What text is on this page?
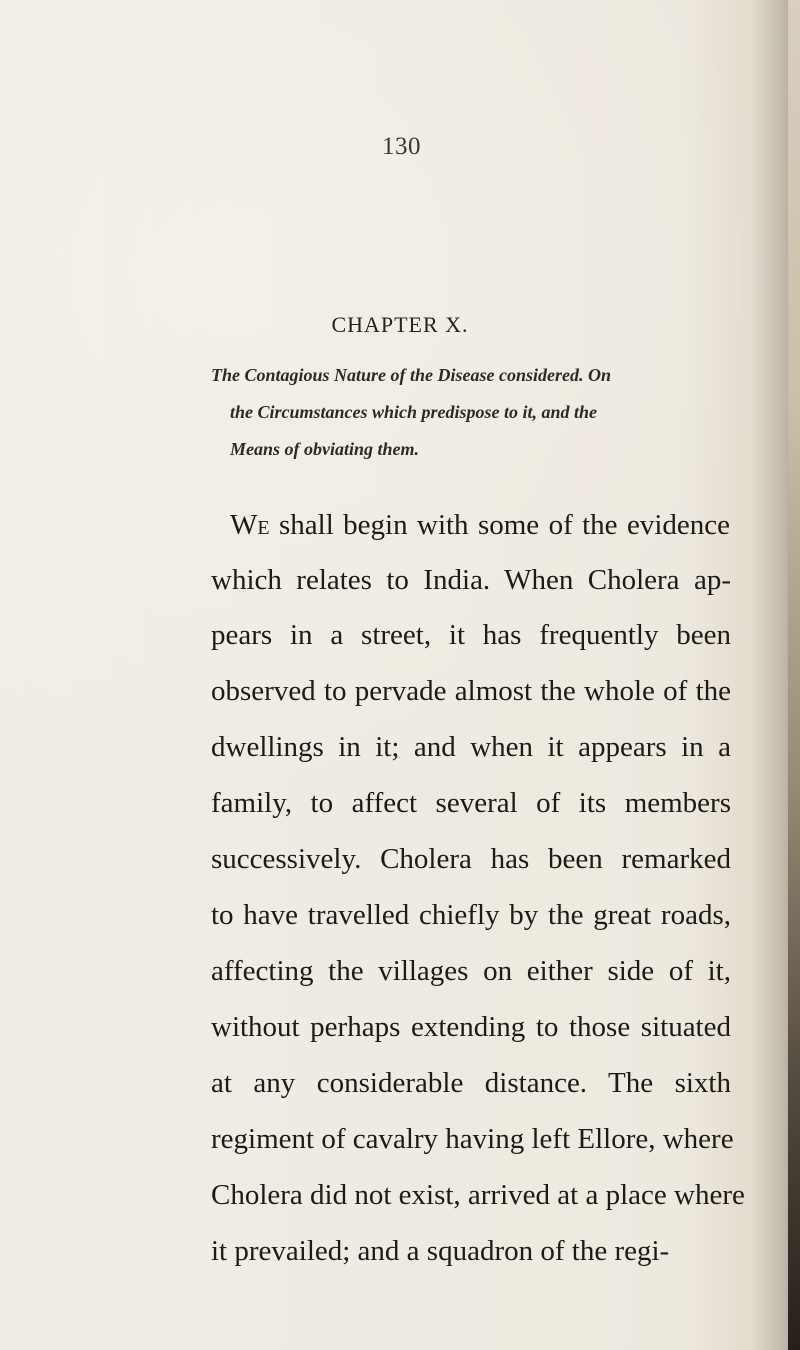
130
CHAPTER X.
The Contagious Nature of the Disease considered. On
the Circumstances which predispose to it, and the
Means of obviating them.
We shall begin with some of the evidence
which relates to India. When Cholera ap-
pears in a street, it has frequently been
observed to pervade almost the whole of the
dwellings in it; and when it appears in a
family, to affect several of its members
successively. Cholera has been remarked
to have travelled chiefly by the great roads,
affecting the villages on either side of it,
without perhaps extending to those situated
at any considerable distance. The sixth
regiment of cavalry having left Ellore, where
Cholera did not exist, arrived at a place where
it prevailed; and a squadron of the regi-
